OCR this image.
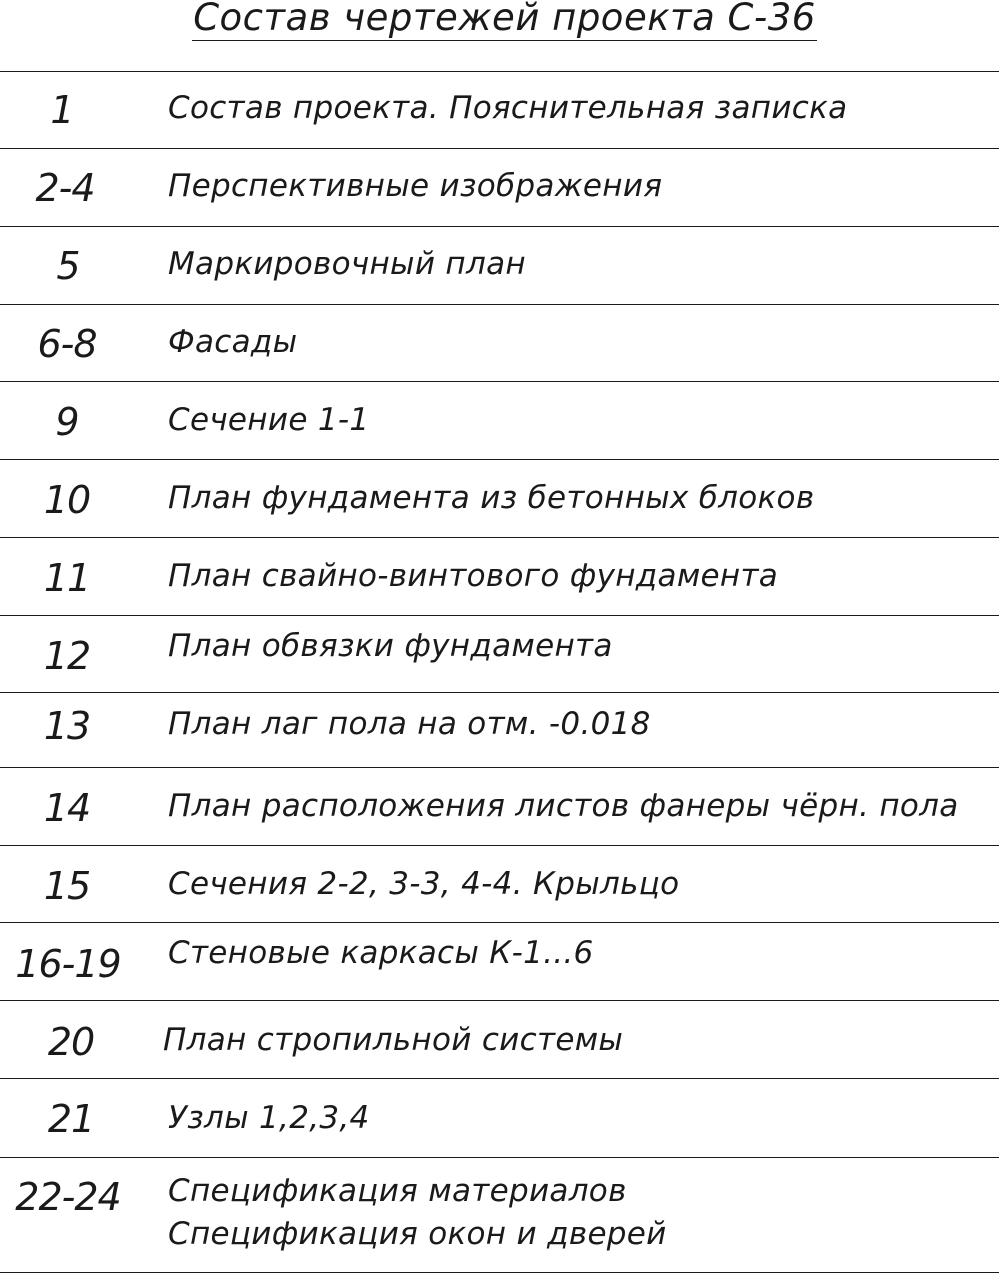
Состав чертежей проекта С-36
1	Состав проекта. Пояснительная записка
2-4	Перспективные изображения
5	Маркировочный план
6-8	Фасады
9	Сечение 1-1
10	План фундамента из бетонных блоков
11	План свайно-винтового фундамента
12	План обвязки фундамента
13	План лаг пола на отм. -0.018
14	План расположения листов фанеры чёрн. пола
15	Сечения 2-2, 3-3, 4-4. Крыльцо
16-19	Стеновые каркасы К-1...6
20	План стропильной системы
21	Узлы 1,2,3,4
22-24	Спецификация материалов
Спецификация окон и дверей
